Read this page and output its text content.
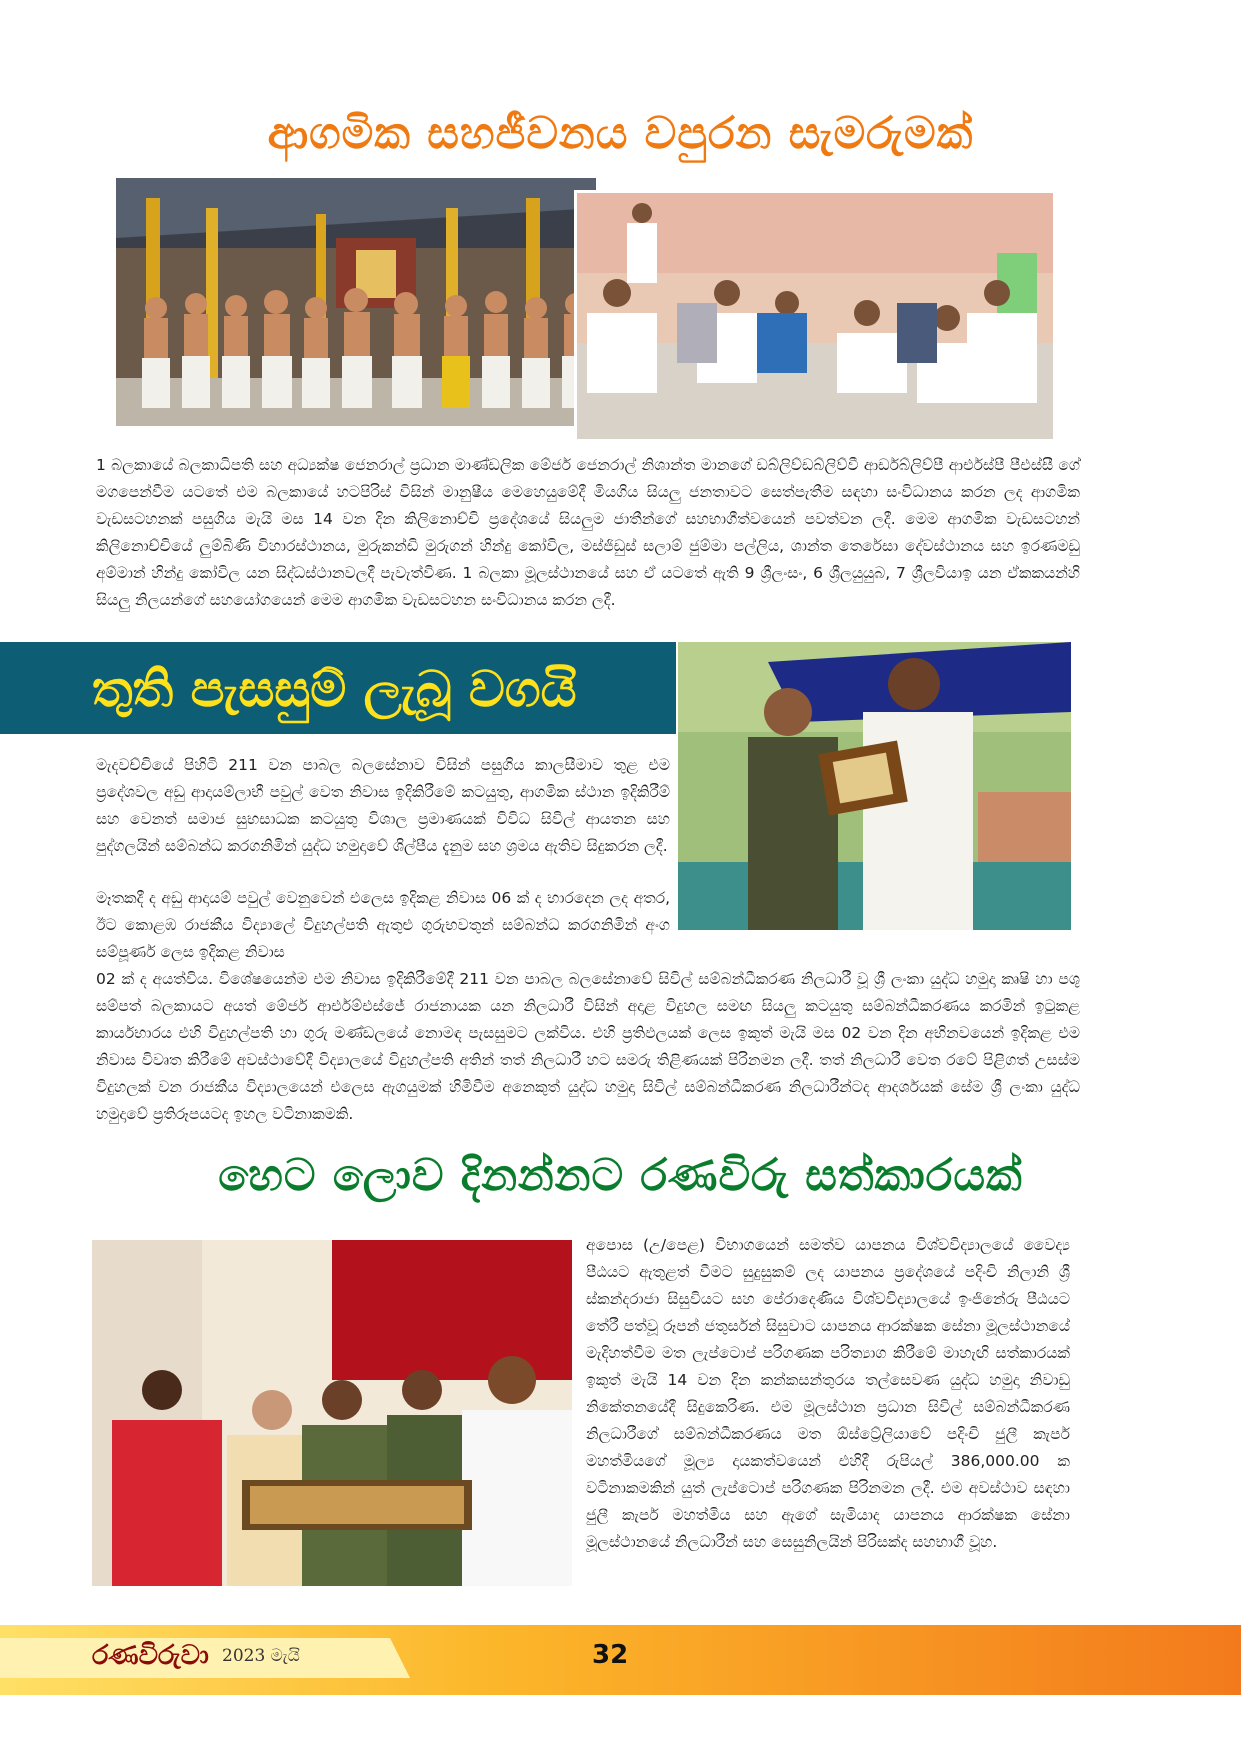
ආගමික සහජීවනය වපුරන සැමරුමක්

1 බලකායේ බලකාධිපති සහ අධ්‍යක්ෂ ජෙනරාල් ප්‍රධාන මාණ්ඩලික මේජර් ජෙනරාල් නිශාන්ත මානගේ ඩබ්ලිව්ඩබ්ලිව්වී ආර්ඩබ්ලිව්පී ආර්එස්පී පීඑස්සී ගේ මගපෙන්වීම යටතේ එම බලකායේ හටපිරිස් විසින් මානුෂීය මෙහෙයුමේදී මියගිය සියලු ජනතාවට සෙත්පැතීම සඳහා සංවිධානය කරන ලද ආගමික වැඩසටහනක් පසුගිය මැයි මස 14 වන දින කිලිනොච්චි ප්‍රදේශයේ සියලුම ජාතීන්ගේ සහභාගීත්වයෙන් පවත්වන ලදී. මෙම ආගමික වැඩසටහන් කිලිනොච්චියේ ලුම්බිණි විහාරස්ථානය, මුරුකන්ඩි මුරුගන් හින්දු කෝවිල, මස්ජිඩුස් සලාම් ජුම්මා පල්ලිය, ශාන්ත තෙරේසා දේවස්ථානය සහ ඉරණමඩු අම්මාන් හින්දු කෝවිල යන සිද්ධස්ථානවලදී පැවැත්විණ. 1 බලකා මූලස්ථානයේ සහ ඒ යටතේ ඇති 9 ශ්‍රීලංසං, 6 ශ්‍රීලයුයුබ, 7 ශ්‍රීලවියාඉ යන ඒකකයන්හි සියලු නිලයන්ගේ සහයෝගයෙන් මෙම ආගමික වැඩසටහන සංවිධානය කරන ලදී.

තුති පැසසුම් ලැබූ වගයි

මැදවච්චියේ පිහිටි 211 වන පාබල බලසේනාව විසින් පසුගිය කාලසීමාව තුළ එම ප්‍රදේශවල අඩු ආදායම්ලාභී පවුල් වෙත නිවාස ඉදිකිරීමේ කටයුතු, ආගමික ස්ථාන ඉදිකිරීම් සහ වෙනත් සමාජ සුභසාධක කටයුතු විශාල ප්‍රමාණයක් විවිධ සිවිල් ආයතන සහ පුද්ගලයින් සම්බන්ධ කරගනිමින් යුද්ධ හමුදාවේ ශිල්පීය දැනුම සහ ශ්‍රමය ඇතිව සිදුකරන ලදී.

මෑතකදී ද අඩු ආදායම් පවුල් වෙනුවෙන් එලෙස ඉදිකළ නිවාස 06 ක් ද භාරදෙන ලද අතර, ඊට කොළඹ රාජකීය විද්‍යාලේ විදුහල්පති ඇතුළු ගුරුභවතුන් සම්බන්ධ කරගනිමින් අංග සම්පූර්ණ ලෙස ඉදිකළ නිවාස

02 ක් ද අයත්විය. විශේෂයෙන්ම එම නිවාස ඉදිකිරීමේදී 211 වන පාබල බලසේනාවේ සිවිල් සම්බන්ධීකරණ නිලධාරී වූ ශ්‍රී ලංකා යුද්ධ හමුදා කෘෂි හා පශු සම්පත් බලකායට අයත් මේජර් ආර්එම්එස්ජේ රාජනායක යන නිලධාරී විසින් අදාළ විදුහල සමඟ සියලු කටයුතු සම්බන්ධීකරණය කරමින් ඉටුකළ කාර්යභාරය එහි විදුහල්පති හා ගුරු මණ්ඩලයේ නොමඳ පැසසුමට ලක්විය. එහි ප්‍රතිඵලයක් ලෙස ඉකුත් මැයි මස 02 වන දින අභිනවයෙන් ඉදිකළ එම නිවාස විවෘත කිරීමේ අවස්ථාවේදී විද්‍යාලයේ විදුහල්පති අතින් තත් නිලධාරී හට සමරු තිළිණයක් පිරිනමන ලදී. තත් නිලධාරී වෙත රටේ පිළිගත් උසස්ම විදුහලක් වන රාජකීය විද්‍යාලයෙන් එලෙස ඇගයුමක් හිමිවීම අනෙකුත් යුද්ධ හමුදා සිවිල් සම්බන්ධීකරණ නිලධාරීන්ටද ආදර්ශයක් සේම ශ්‍රී ලංකා යුද්ධ හමුදාවේ ප්‍රතිරූපයටද ඉහල වටිනාකමකි.

හෙට ලොව දිනන්නට රණවිරු සත්කාරයක්

අපොස (උ/පෙළ) විභාගයෙන් සමත්ව යාපනය විශ්වවිද්‍යාලයේ වෛද්‍ය පීඨයට ඇතුළත් වීමට සුදුසුකම් ලද යාපනය ප්‍රදේශයේ පදිංචි නිලානි ශ්‍රී ස්කන්දරාජා සිසුවියට සහ පේරාදෙණිය විශ්වවිද්‍යාලයේ ඉංජිනේරු පීඨයට තේරී පත්වූ රූපන් ජතුර්සන් සිසුවාට යාපනය ආරක්ෂක සේනා මූලස්ථානයේ මැදිහත්වීම මත ලැප්ටොප් පරිගණක පරිත්‍යාග කිරීමේ මාහැඟි සත්කාරයක් ඉකුත් මැයි 14 වන දින කන්කසන්තුරය තල්සෙවණ යුද්ධ හමුදා නිවාඩු නිකේතනයේදී සිදුකෙරිණ. එම මූලස්ථාන ප්‍රධාන සිවිල් සම්බන්ධීකරණ නිලධාරීගේ සම්බන්ධීකරණය මත ඕස්ට්‍රේලියාවේ පදිංචි ජුලී කැපර් මහත්මියගේ මූල්‍ය දායකත්වයෙන් එහිදී රුපියල් 386,000.00 ක වටිනාකමකින් යුත් ලැප්ටොප් පරිගණක පිරිනමන ලදී. එම අවස්ථාව සඳහා ජුලී කැපර් මහත්මිය සහ ඇගේ සැමියාද යාපනය ආරක්ෂක සේනා මූලස්ථානයේ නිලධාරීන් සහ සෙසුනිලයින් පිරිසක්ද සහභාගී වූහ.

රණවිරුවා 2023 මැයි	32
